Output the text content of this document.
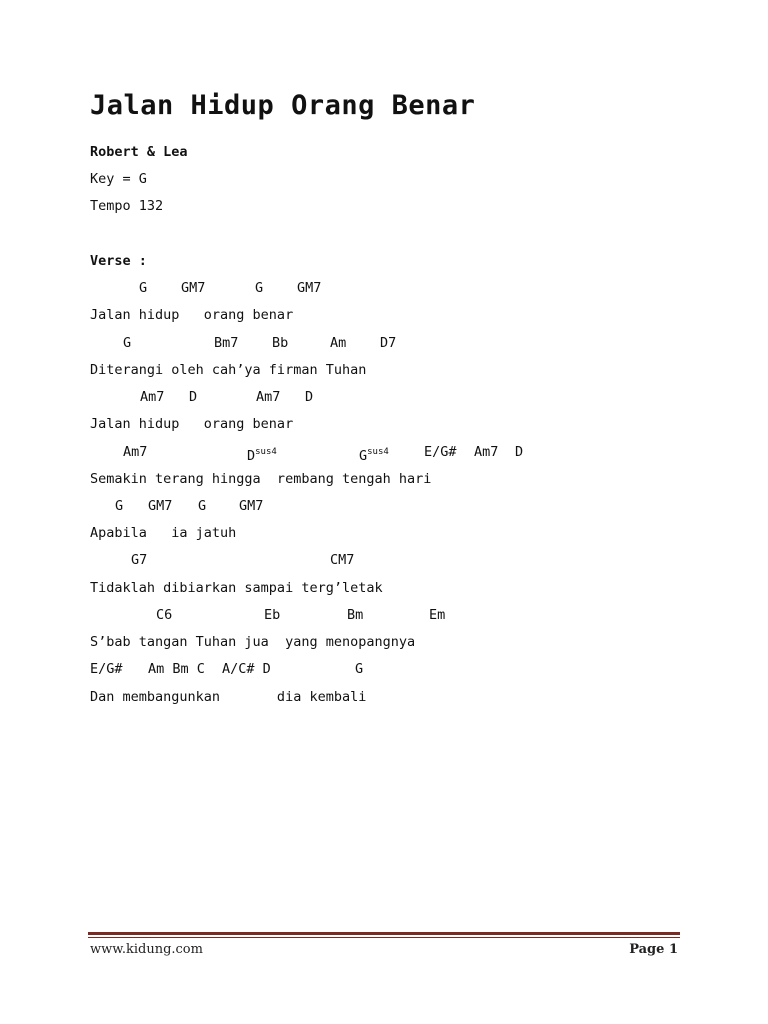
Jalan Hidup Orang Benar
Robert & Lea
Key = G
Tempo 132
Verse :
G	GM7	G	GM7
Jalan hidup   orang benar
G	Bm7 Bb	Am D7
Diterangi oleh cah’ya firman Tuhan
Am7 D	Am7 D
Jalan hidup   orang benar
Am7	$D^{sus4}$	$G^{sus4}$	E/G# Am7 D
Semakin terang hingga  rembang tengah hari
G GM7 G GM7
Apabila   ia jatuh
G7	CM7
Tidaklah dibiarkan sampai terg’letak
C6	Eb	Bm	Em
S’bab tangan Tuhan jua  yang menopangnya
E/G# Am Bm C A/C# D	G
Dan membangunkan       dia kembali
www.kidung.com	Page 1
